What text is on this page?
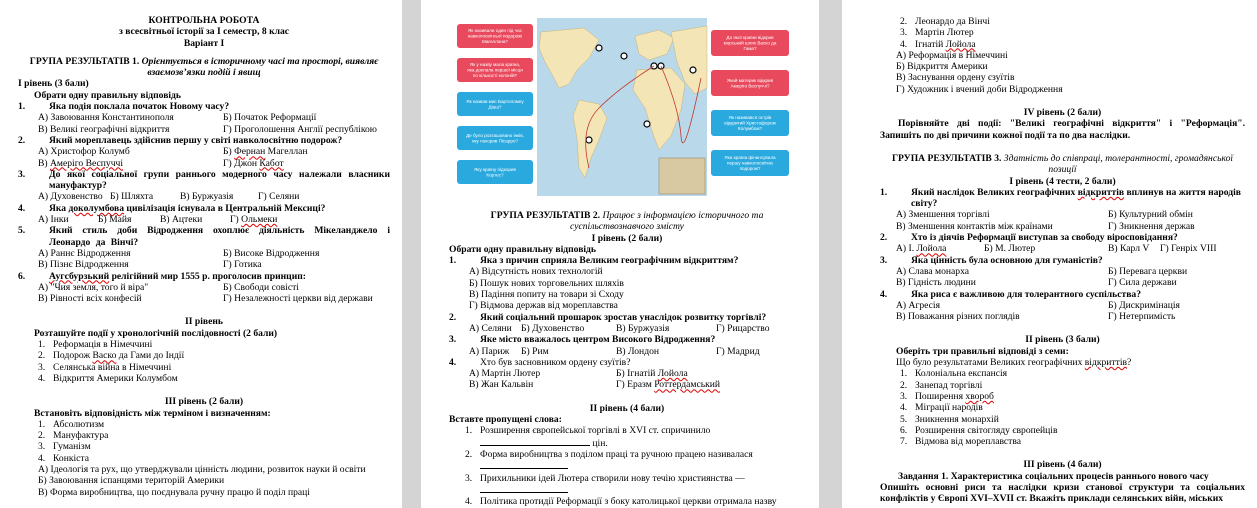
КОНТРОЛЬНА РОБОТА
з всесвітньої історії за І семестр, 8 клас
Варіант І
ГРУПА РЕЗУЛЬТАТІВ 1. Орієнтується в історичному часі та просторі, виявляє взаємозв’язки подій і явищ
І рівень (3 бали)
Обрати одну правильну відповідь
1.	Яка подія поклала початок Новому часу?
А) Завоювання Константинополя	Б) Початок Реформації
В) Великі географічні відкриття	Г) Проголошення Англії республікою
2.	Який мореплавець здійснив першу у світі навколосвітню подорож?
А) Христофор Колумб	Б) Фернан Магеллан
В) Амеріго Веспуччі	Г) Джон Кабот
3.	До якої соціальної групи раннього модерного часу належали власники мануфактур?
А) Духовенство Б) Шляхта	В) Буржуазія	Г) Селяни
4.	Яка доколумбова цивілізація існувала в Центральній Мексиці?
А) Інки	Б) Майя	В) Ацтеки	Г) Ольмеки
5.	Який стиль доби Відродження охоплює діяльність Мікеланджело і Леонардо да Вінчі?
А) Раннє Відродження	Б) Високе Відродження
В) Пізнє Відродження	Г) Готика
6.	Аугсбурзький релігійний мир 1555 р. проголосив принцип:
А) "Чия земля, того й віра"	Б) Свободи совісті
В) Рівності всіх конфесій	Г) Незалежності церкви від держави
ІІ рівень
Розташуйте події у хронологічній послідовності (2 бали)
1. Реформація в Німеччині
2. Подорож Васко да Гами до Індії
3. Селянська війна в Німеччині
4. Відкриття Америки Колумбом
ІІІ рівень (2 бали)
Встановіть відповідність між терміном і визначенням:
1. Абсолютизм
2. Мануфактура
3. Гуманізм
4. Конкіста
А) Ідеологія та рух, що утверджували цінність людини, розвиток науки й освіти
Б) Завоювання іспанцями територій Америки
В) Форма виробництва, що поєднувала ручну працю й поділ праці
Як називали один під час навколосвітньої подорожі Магеллана?
Як у назву мала країна, яка доклала першої місця по кількості колоній?
Як назвав мис Бартоломеу Діаш?
Де було розташовано інків, яку покорив Пісарро?
Яку країну підкорив Кортес?
До якої країни відкрив морський шлях Васко да Гама?
Який материк відкрив Амеріго Веспуччі?
Як називався острів відкритий Христофором Колумбом?
Яка країна фінансувала першу навколосвітню подорож?
ГРУПА РЕЗУЛЬТАТІВ 2. Працює з інформацією історичного та суспільствознавчого змісту
І рівень (2 бали)
Обрати одну правильну відповідь
1.	Яка з причин сприяла Великим географічним відкриттям?
А) Відсутність нових технологій
Б) Пошук нових торговельних шляхів
В) Падіння попиту на товари зі Сходу
Г) Відмова держав від мореплавства
2.	Який соціальний прошарок зростав унаслідок розвитку торгівлі?
А) Селяни Б) Духовенство	В) Буржуазія	Г) Рицарство
3.	Яке місто вважалось центром Високого Відродження?
А) Париж	Б) Рим	В) Лондон	Г) Мадрид
4.	Хто був засновником ордену єзуїтів?
А) Мартін Лютер	Б) Ігнатій Лойола
В) Жан Кальвін	Г) Еразм Роттердамський
ІІ рівень (4 бали)
Вставте пропущені слова:
1. Розширення європейської торгівлі в ХVІ ст. спричинило  цін.
2. Форма виробництва з поділом праці та ручною працею називалася

3. Прихильники ідей Лютера створили нову течію християнства —

4. Політика протидії Реформації з боку католицької церкви отримала назву

2. Леонардо да Вінчі
3. Мартін Лютер
4. Ігнатій Лойола
А) Реформація в Німеччині
Б) Відкриття Америки
В) Заснування ордену єзуїтів
Г) Художник і вчений доби Відродження
ІV рівень (2 бали)
Порівняйте дві події: "Великі географічні відкриття" і "Реформація". Запишіть по дві причини кожної події та по два наслідки.
ГРУПА РЕЗУЛЬТАТІВ 3. Здатність до співпраці, толерантності, громадянської позиції
І рівень (4 тести, 2 бали)
1.	Який наслідок Великих географічних відкриттів вплинув на життя народів світу?
А) Зменшення торгівлі	Б) Культурний обмін
В) Зменшення контактів між країнами	Г) Зникнення держав
2.	Хто із діячів Реформації виступав за свободу віросповідання?
А) І. Лойола	Б) М. Лютер	В) Карл V	Г) Генріх VІІІ
3.	Яка цінність була основною для гуманістів?
А) Слава монарха	Б) Перевага церкви
В) Гідність людини	Г) Сила держави
4.	Яка риса є важливою для толерантного суспільства?
А) Агресія	Б) Дискримінація
В) Поважання різних поглядів	Г) Нетерпимість
ІІ рівень (3 бали)
Оберіть три правильні відповіді з семи:
Що було результатами Великих географічних відкриттів?
1. Колоніальна експансія
2. Занепад торгівлі
3. Поширення хвороб
4. Міграції народів
5. Зникнення монархій
6. Розширення світогляду європейців
7. Відмова від мореплавства
ІІІ рівень (4 бали)
Завдання 1. Характеристика соціальних процесів раннього нового часу
Опишіть основні риси та наслідки кризи станової структури та соціальних конфліктів у Європі ХVІ–ХVІІ ст. Вкажіть приклади селянських війн, міських
